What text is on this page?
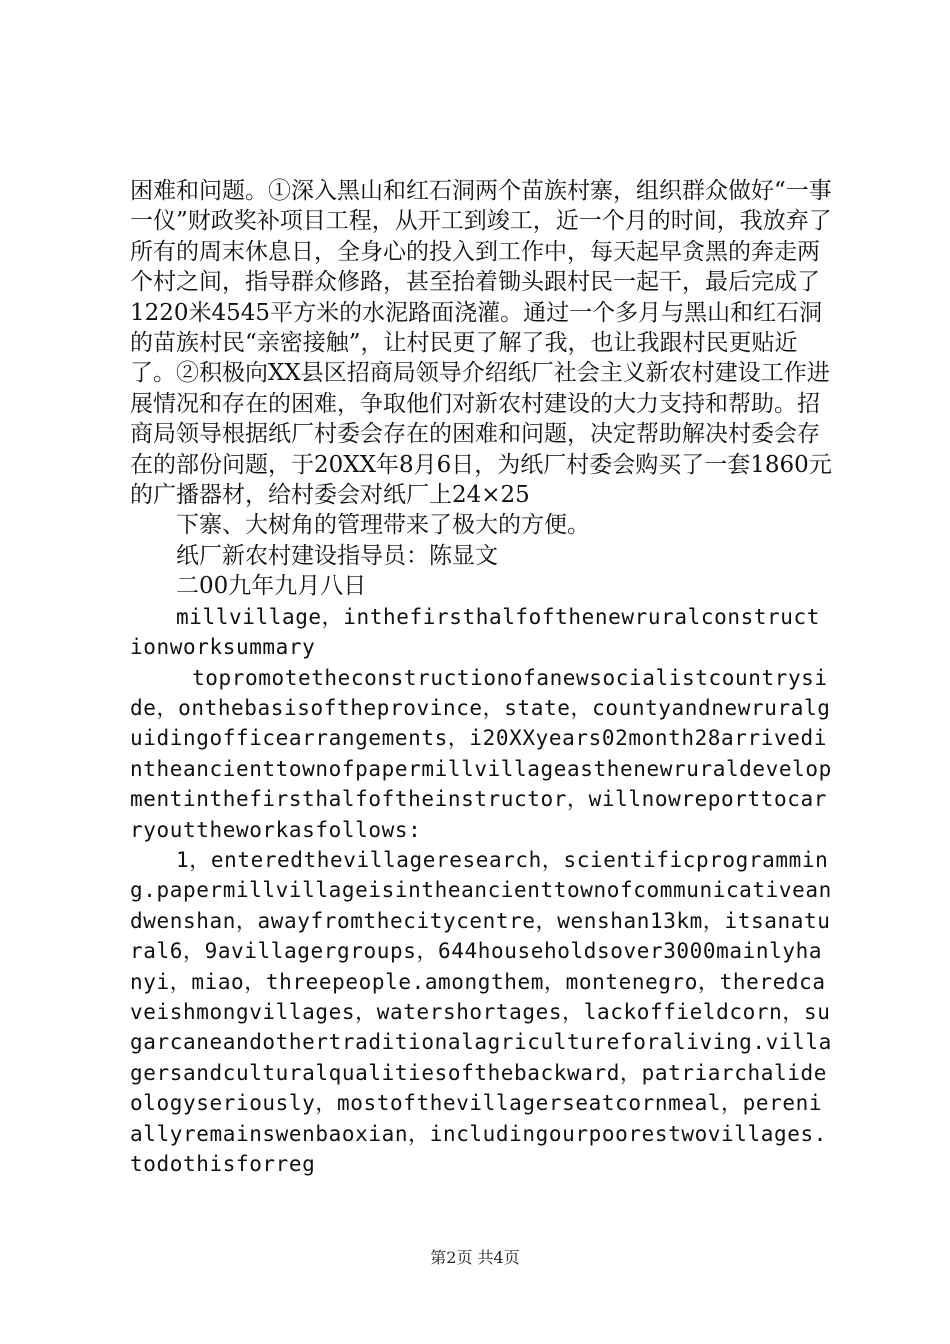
困难和问题。①深入黑山和红石洞两个苗族村寨，组织群众做好“一事一仪”财政奖补项目工程，从开工到竣工，近一个月的时间，我放弃了所有的周末休息日，全身心的投入到工作中，每天起早贪黑的奔走两个村之间，指导群众修路，甚至抬着锄头跟村民一起干，最后完成了1220米4545平方米的水泥路面浇灌。通过一个多月与黑山和红石洞的苗族村民“亲密接触”，让村民更了解了我，也让我跟村民更贴近了。②积极向XX县区招商局领导介绍纸厂社会主义新农村建设工作进展情况和存在的困难，争取他们对新农村建设的大力支持和帮助。招商局领导根据纸厂村委会存在的困难和问题，决定帮助解决村委会存在的部份问题，于20XX年8月6日，为纸厂村委会购买了一套1860元的广播器材，给村委会对纸厂上24×25

下寨、大树角的管理带来了极大的方便。

纸厂新农村建设指导员：陈显文

二00九年九月八日

millvillage，inthefirsthalfofthenewruralconstructionworksummary

topromotetheconstructionofanewsocialistcountryside，onthebasisoftheprovince，state，countyandnewruralguidingofficearrangements，i20XXyears02month28arrivedintheancienttownofpapermillvillageasthenewruraldevelopmentinthefirsthalfoftheinstructor，willnowreporttocarryouttheworkasfollows:

1，enteredthevillageresearch，scientificprogramming.papermillvillageisintheancienttownofcommunicativeandwenshan，awayfromthecitycentre，wenshan13km，itsanatural6，9avillagergroups，644householdsover3000mainlyhanyi，miao，threepeople.amongthem，montenegro，theredcaveishmongvillages，watershortages，lackoffieldcorn，sugarcaneandothertraditionalagricultureforaliving.villagersandculturalqualitiesofthebackward，patriarchalideologyseriously，mostofthevillagerseatcornmeal，pereniallyremainswenbaoxian，includingourpoorestwovillages.todothisforreg

第2页 共4页
